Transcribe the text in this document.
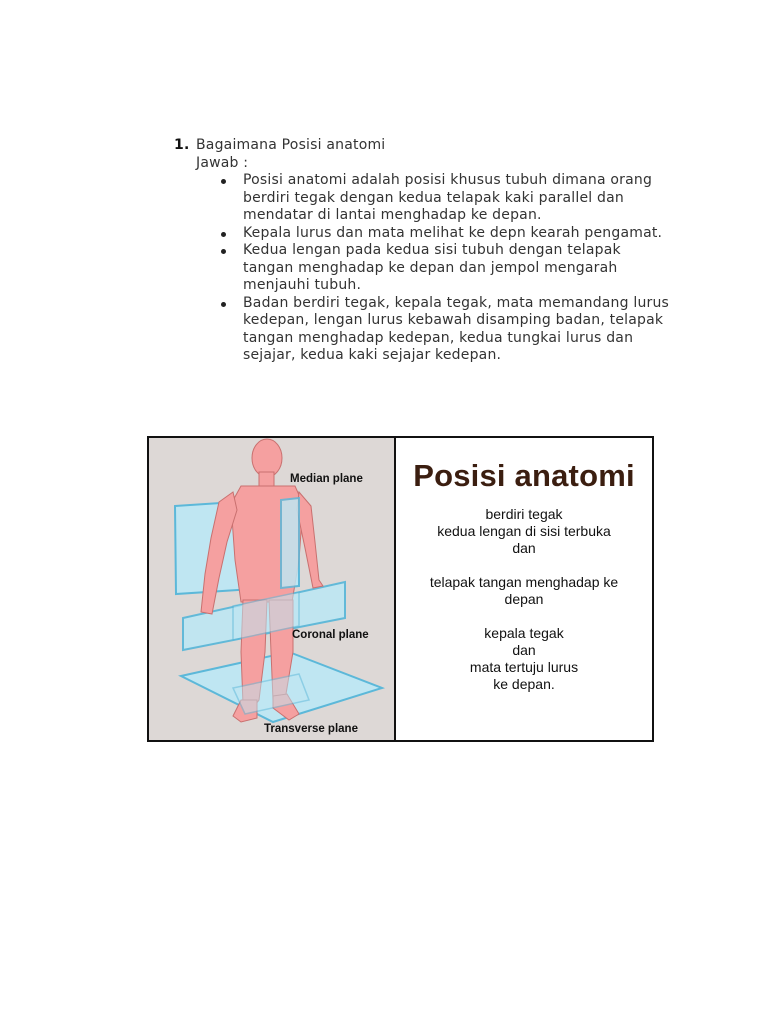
1. Bagaimana Posisi anatomi
Jawab :
Posisi anatomi adalah posisi khusus tubuh dimana orang berdiri tegak dengan kedua telapak kaki parallel dan mendatar di lantai menghadap ke depan.
Kepala lurus dan mata melihat ke depn kearah pengamat.
Kedua lengan pada kedua sisi tubuh dengan telapak tangan menghadap ke depan dan jempol mengarah menjauhi tubuh.
Badan berdiri tegak, kepala tegak, mata memandang lurus kedepan, lengan lurus kebawah disamping badan, telapak tangan menghadap kedepan, kedua tungkai lurus dan sejajar, kedua kaki sejajar kedepan.
Median plane
Coronal plane
Transverse plane
Posisi anatomi
berdiri tegak
kedua lengan di sisi terbuka
dan
telapak tangan menghadap ke
depan
kepala tegak
dan
mata tertuju lurus
ke depan.
